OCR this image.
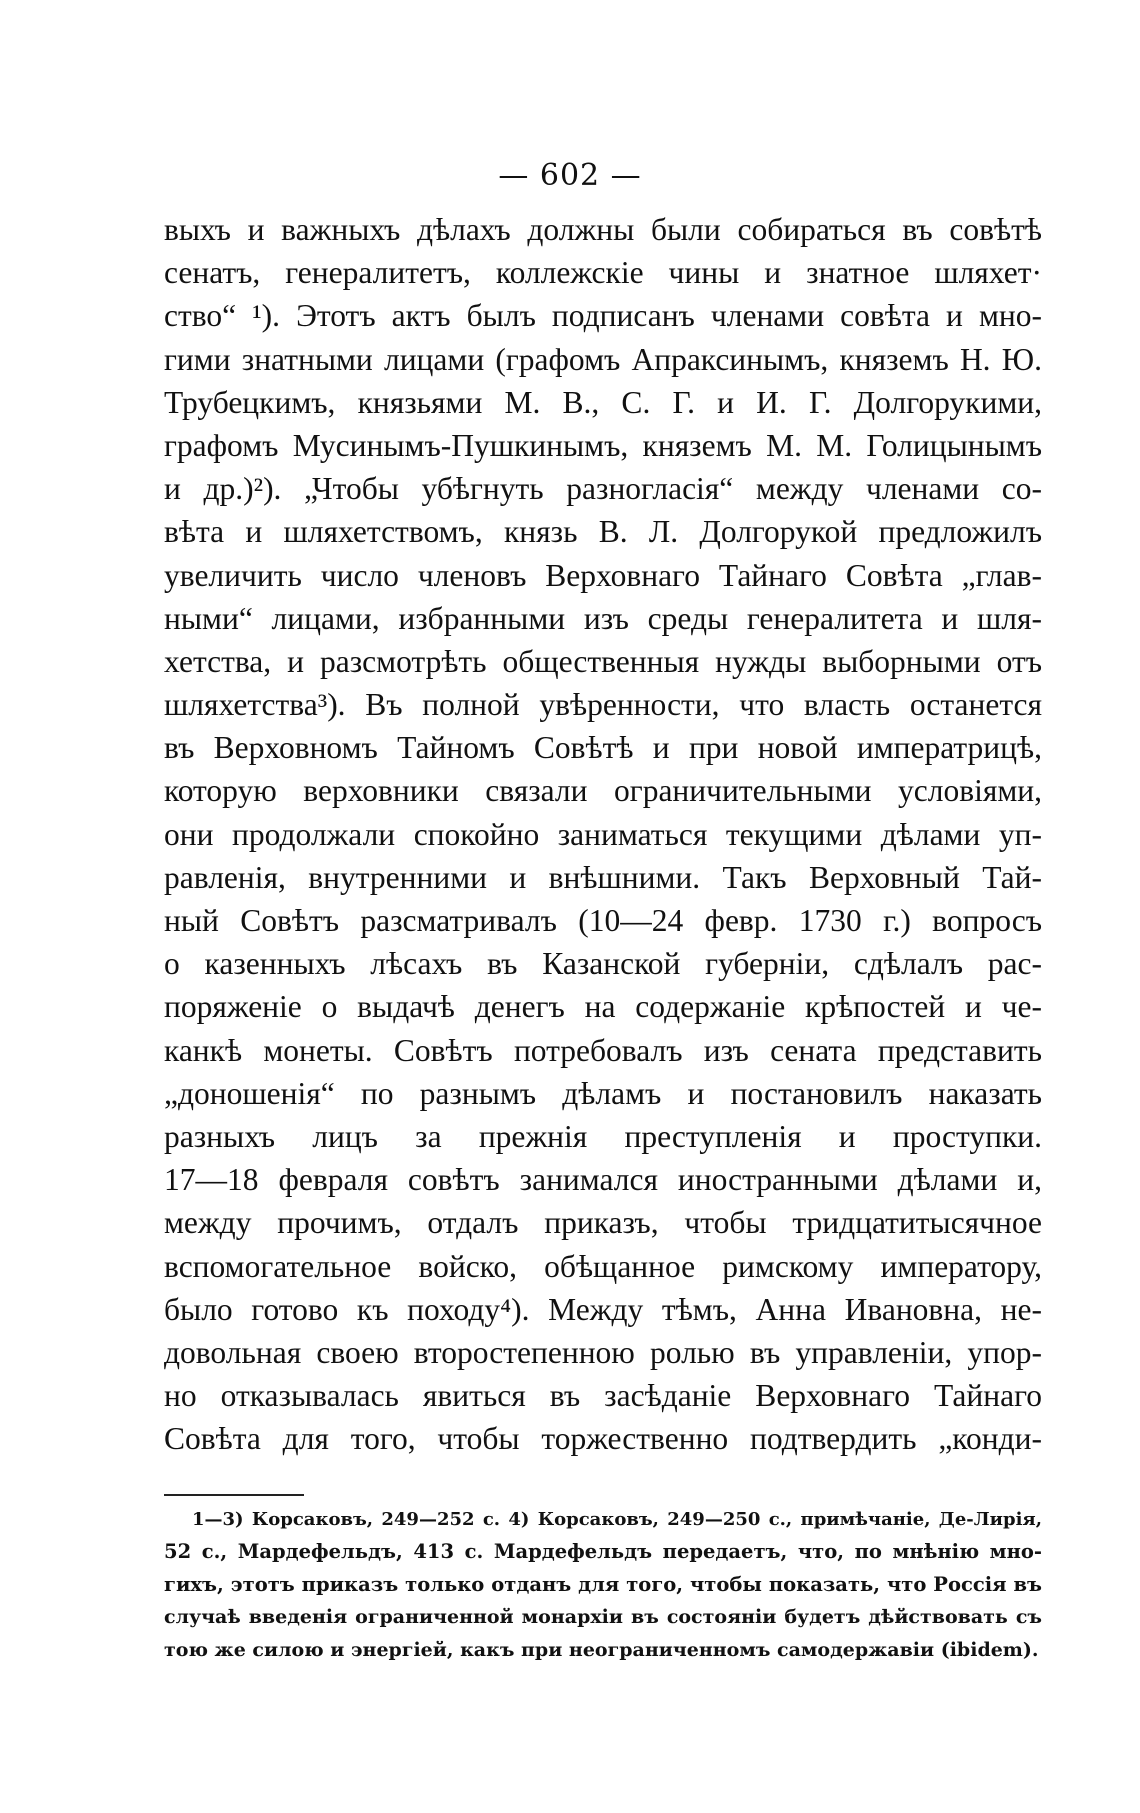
— 602 —
выхъ и важныхъ дѣлахъ должны были собираться въ совѣтѣ
сенатъ, генералитетъ, коллежскіе чины и знатное шляхет·
ство“ ¹). Этотъ актъ былъ подписанъ членами совѣта и мно-
гими знатными лицами (графомъ Апраксинымъ, княземъ Н. Ю.
Трубецкимъ, князьями М. В., С. Г. и И. Г. Долгорукими,
графомъ Мусинымъ-Пушкинымъ, княземъ М. М. Голицынымъ
и др.)²). „Чтобы убѣгнуть разногласія“ между членами со-
вѣта и шляхетствомъ, князь В. Л. Долгорукой предложилъ
увеличить число членовъ Верховнаго Тайнаго Совѣта „глав-
ными“ лицами, избранными изъ среды генералитета и шля-
хетства, и разсмотрѣть общественныя нужды выборными отъ
шляхетства³). Въ полной увѣренности, что власть останется
въ Верховномъ Тайномъ Совѣтѣ и при новой императрицѣ,
которую верховники связали ограничительными условіями,
они продолжали спокойно заниматься текущими дѣлами уп-
равленія, внутренними и внѣшними. Такъ Верховный Тай-
ный Совѣтъ разсматривалъ (10—24 февр. 1730 г.) вопросъ
о казенныхъ лѣсахъ въ Казанской губерніи, сдѣлалъ рас-
поряженіе о выдачѣ денегъ на содержаніе крѣпостей и че-
канкѣ монеты. Совѣтъ потребовалъ изъ сената представить
„доношенія“ по разнымъ дѣламъ и постановилъ наказать
разныхъ лицъ за прежнія преступленія и проступки.
17—18 февраля совѣтъ занимался иностранными дѣлами и,
между прочимъ, отдалъ приказъ, чтобы тридцатитысячное
вспомогательное войско, обѣщанное римскому императору,
было готово къ походу⁴). Между тѣмъ, Анна Ивановна, не-
довольная своею второстепенною ролью въ управленіи, упор-
но отказывалась явиться въ засѣданіе Верховнаго Тайнаго
Совѣта для того, чтобы торжественно подтвердить „конди-
1—3) Корсаковъ, 249—252 с. 4) Корсаковъ, 249—250 с., примѣчаніе, Де-Лирія,
52 с., Мардефельдъ, 413 с. Мардефельдъ передаетъ, что, по мнѣнію мно-
гихъ, этотъ приказъ только отданъ для того, чтобы показать, что Россія въ
случаѣ введенія ограниченной монархіи въ состояніи будетъ дѣйствовать съ
тою же силою и энергіей, какъ при неограниченномъ самодержавіи (ibidem).
